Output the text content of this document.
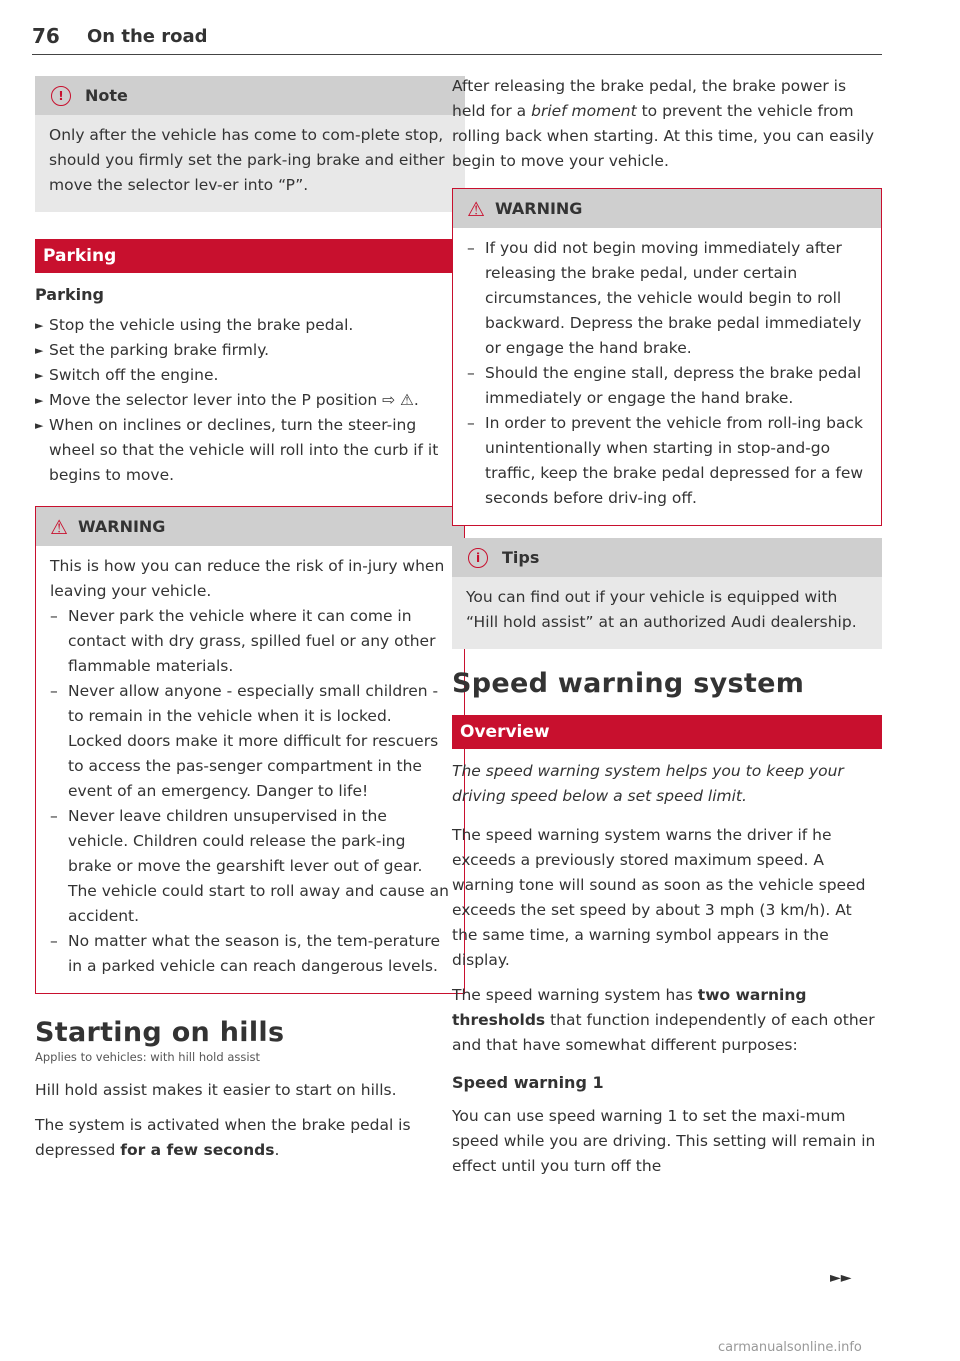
76 On the road
!	Note

Only after the vehicle has come to com-plete stop, should you firmly set the park-ing brake and either move the selector lev-er into “P”.

Parking
Parking
► Stop the vehicle using the brake pedal.
► Set the parking brake firmly.
► Switch off the engine.
► Move the selector lever into the P position ⇨ ⚠.
► When on inclines or declines, turn the steer-ing wheel so that the vehicle will roll into the curb if it begins to move.
⚠ WARNING

This is how you can reduce the risk of in-jury when leaving your vehicle.

– Never park the vehicle where it can come in contact with dry grass, spilled fuel or any other flammable materials.
– Never allow anyone - especially small children - to remain in the vehicle when it is locked. Locked doors make it more difficult for rescuers to access the pas-senger compartment in the event of an emergency. Danger to life!
– Never leave children unsupervised in the vehicle. Children could release the park-ing brake or move the gearshift lever out of gear. The vehicle could start to roll away and cause an accident.
– No matter what the season is, the tem-perature in a parked vehicle can reach dangerous levels.
Starting on hills
Applies to vehicles: with hill hold assist

Hill hold assist makes it easier to start on hills.

The system is activated when the brake pedal is depressed for a few seconds.

After releasing the brake pedal, the brake power is held for a brief moment to prevent the vehicle from rolling back when starting. At this time, you can easily begin to move your vehicle.

⚠ WARNING
– If you did not begin moving immediately after releasing the brake pedal, under certain circumstances, the vehicle would begin to roll backward. Depress the brake pedal immediately or engage the hand brake.
– Should the engine stall, depress the brake pedal immediately or engage the hand brake.
– In order to prevent the vehicle from roll-ing back unintentionally when starting in stop-and-go traffic, keep the brake pedal depressed for a few seconds before driv-ing off.
i	Tips

You can find out if your vehicle is equipped with “Hill hold assist” at an authorized Audi dealership.

Speed warning system
Overview

The speed warning system helps you to keep your driving speed below a set speed limit.

The speed warning system warns the driver if he exceeds a previously stored maximum speed. A warning tone will sound as soon as the vehicle speed exceeds the set speed by about 3 mph (3 km/h). At the same time, a warning symbol appears in the display.

The speed warning system has two warning thresholds that function independently of each other and that have somewhat different purposes:

Speed warning 1

You can use speed warning 1 to set the maxi-mum speed while you are driving. This setting will remain in effect until you turn off the

►►
carmanualsonline.info
